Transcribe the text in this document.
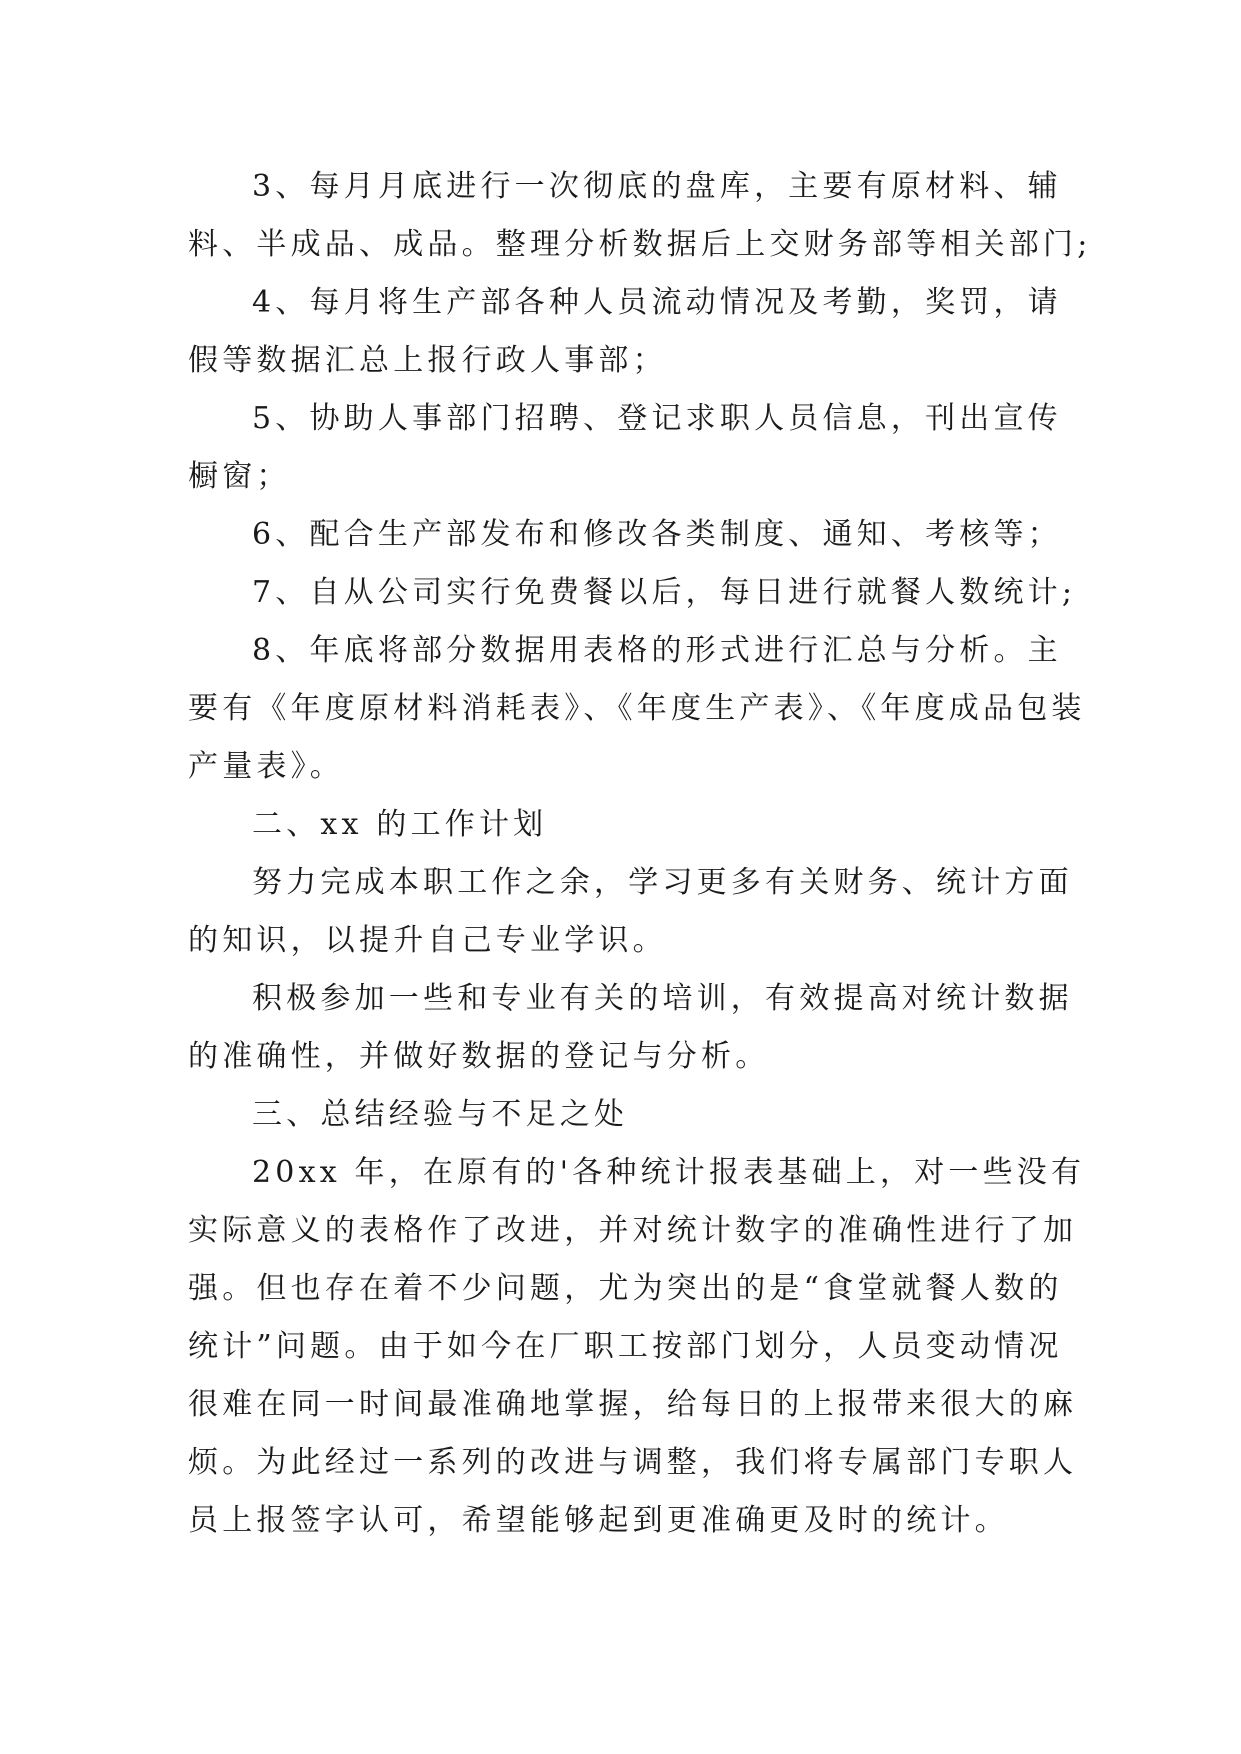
3、每月月底进行一次彻底的盘库，主要有原材料、辅
料、半成品、成品。整理分析数据后上交财务部等相关部门;
4、每月将生产部各种人员流动情况及考勤，奖罚，请
假等数据汇总上报行政人事部；
5、协助人事部门招聘、登记求职人员信息，刊出宣传
橱窗；
6、配合生产部发布和修改各类制度、通知、考核等；
7、自从公司实行免费餐以后，每日进行就餐人数统计;
8、年底将部分数据用表格的形式进行汇总与分析。主
要有《年度原材料消耗表》、《年度生产表》、《年度成品包装
产量表》。
二、xx 的工作计划
努力完成本职工作之余，学习更多有关财务、统计方面
的知识，以提升自己专业学识。
积极参加一些和专业有关的培训，有效提高对统计数据
的准确性，并做好数据的登记与分析。
三、总结经验与不足之处
20xx 年，在原有的'各种统计报表基础上，对一些没有
实际意义的表格作了改进，并对统计数字的准确性进行了加
强。但也存在着不少问题，尤为突出的是“食堂就餐人数的
统计”问题。由于如今在厂职工按部门划分，人员变动情况
很难在同一时间最准确地掌握，给每日的上报带来很大的麻
烦。为此经过一系列的改进与调整，我们将专属部门专职人
员上报签字认可，希望能够起到更准确更及时的统计。
